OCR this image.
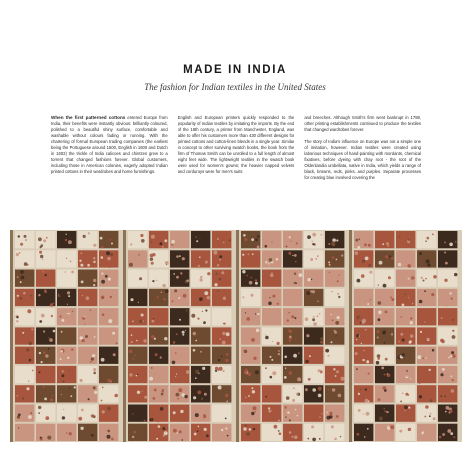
MADE IN INDIA
The fashion for Indian textiles in the United States

When the first patterned cottons entered Europe from India, their benefits were instantly obvious: brilliantly coloured, polished to a beautiful shiny surface, comfortable and washable without colours fading or running. With the chartering of formal European trading companies (the earliest being the Portuguese around 1500, English in 1600 and Dutch in 1602) the trickle of India calicoes and chintzes grew to a torrent that changed fashions forever. Global customers, including those in American colonies, eagerly adopted Indian printed cottons in their wardrobes and home furnishings.

English and European printers quickly responded to the popularity of Indian textiles by imitating the imports. By the end of the 18th century, a printer from Manchester, England, was able to offer his customers more than 430 different designs for printed cottons and cotton-linen blends in a single year. Similar in concept to other surviving swatch books, the book from the firm of Thomas Smith can be unrolled to a full length of almost eight feet wide. The lightweight textiles in the swatch book were used for women's gowns; the heavier napped velvets and corduroys were for men's suits

and breeches. Although Smith's firm went bankrupt in 1788, other printing establishments continued to produce the textiles that changed wardrobes forever.

The story of India's influence on Europe was not a simple one of imitation, however. Indian textiles were created using laborious techniques of hand-painting with mordants, chemical fixatives, before dyeing with chay root - the root of the Oldenlandia umbellata, native in India, which yields a range of black, browns, reds, pinks, and purples. Separate processes for creating blue involved covering the
